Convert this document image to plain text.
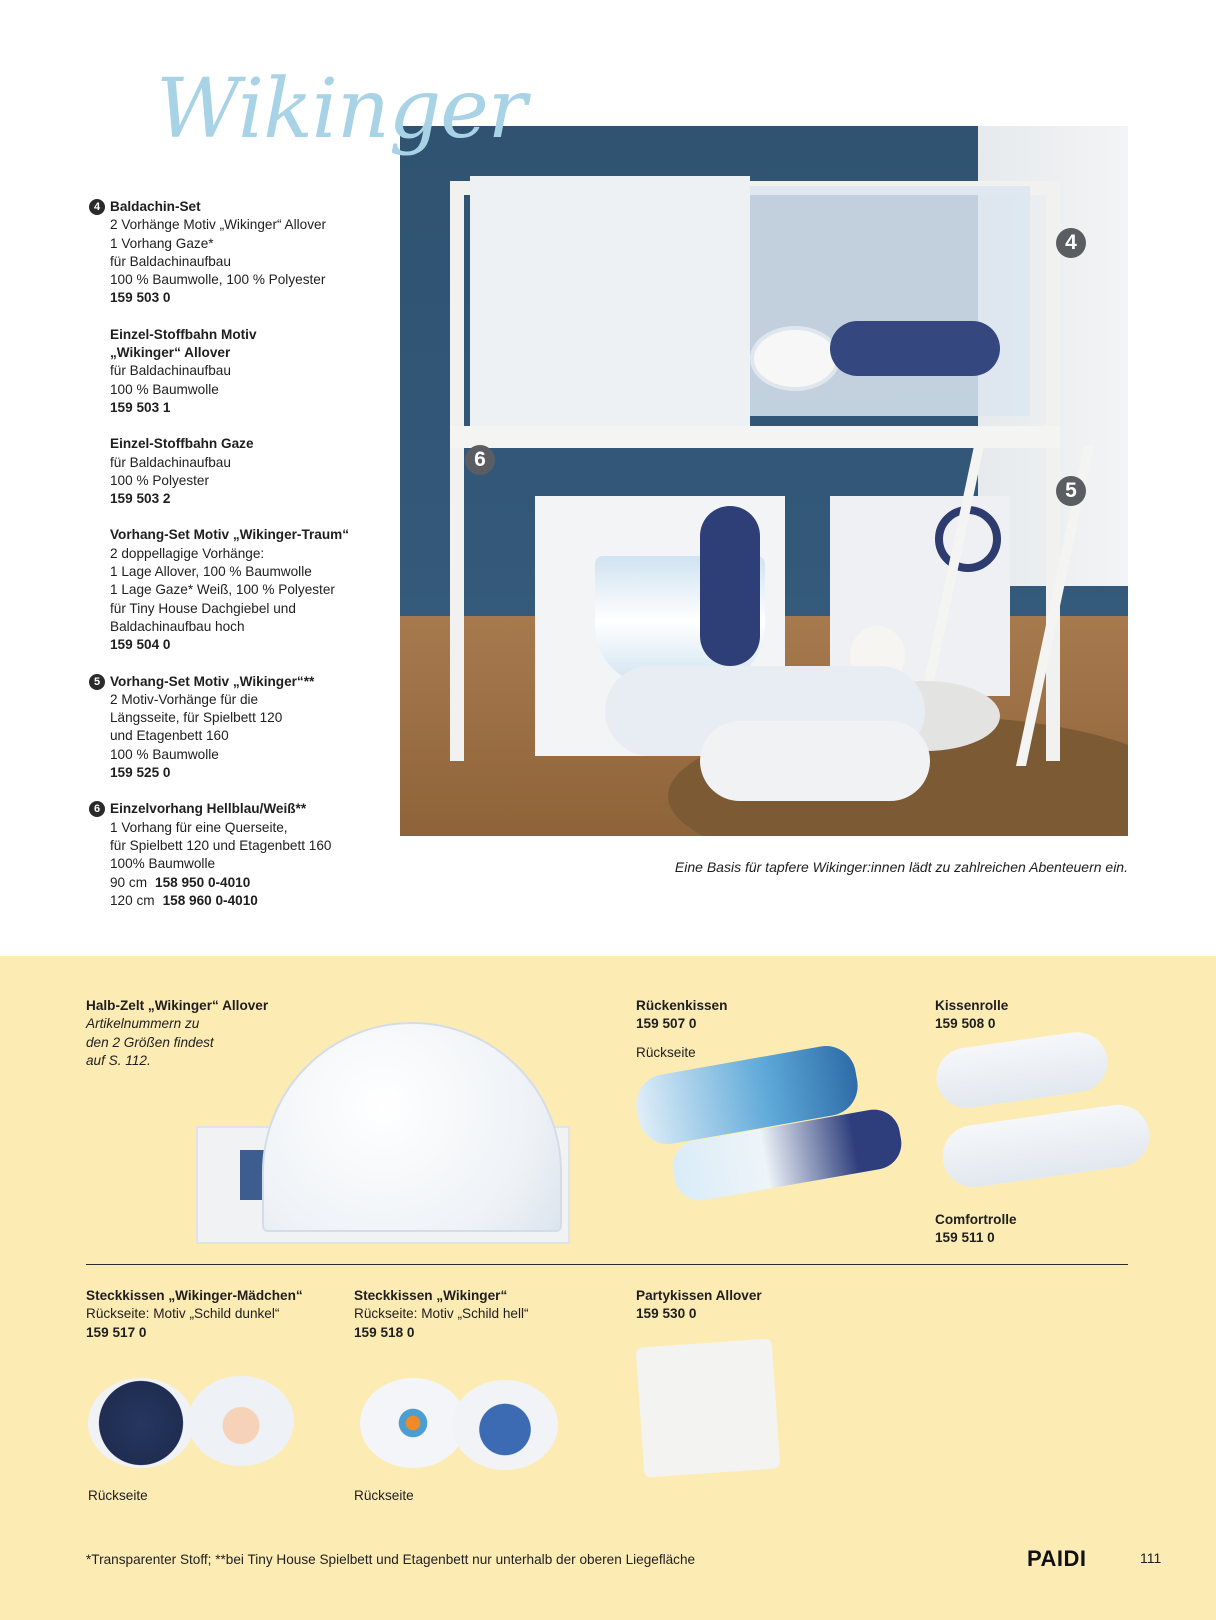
Wikinger
4 Baldachin-Set
2 Vorhänge Motiv „Wikinger“ Allover
1 Vorhang Gaze*
für Baldachinaufbau
100 % Baumwolle, 100 % Polyester
159 503 0
Einzel-Stoffbahn Motiv
„Wikinger“ Allover
für Baldachinaufbau
100 % Baumwolle
159 503 1
Einzel-Stoffbahn Gaze
für Baldachinaufbau
100 % Polyester
159 503 2
Vorhang-Set Motiv „Wikinger-Traum“
2 doppellagige Vorhänge:
1 Lage Allover, 100 % Baumwolle
1 Lage Gaze* Weiß, 100 % Polyester
für Tiny House Dachgiebel und
Baldachinaufbau hoch
159 504 0
5 Vorhang-Set Motiv „Wikinger“**
2 Motiv-Vorhänge für die
Längsseite, für Spielbett 120
und Etagenbett 160
100 % Baumwolle
159 525 0
6 Einzelvorhang Hellblau/Weiß**
1 Vorhang für eine Querseite,
für Spielbett 120 und Etagenbett 160
100% Baumwolle
90 cm 158 950 0-4010
120 cm 158 960 0-4010
4
6
5
Eine Basis für tapfere Wikinger:innen lädt zu zahlreichen Abenteuern ein.
Halb-Zelt „Wikinger“ Allover
Artikelnummern zu
den 2 Größen findest
auf S. 112.
Rückenkissen
159 507 0
Rückseite
Kissenrolle
159 508 0
Comfortrolle
159 511 0
Steckkissen „Wikinger-Mädchen“
Rückseite: Motiv „Schild dunkel“
159 517 0
Rückseite
Steckkissen „Wikinger“
Rückseite: Motiv „Schild hell“
159 518 0
Rückseite
Partykissen Allover
159 530 0
*Transparenter Stoff; **bei Tiny House Spielbett und Etagenbett nur unterhalb der oberen Liegefläche	PAIDI	111
